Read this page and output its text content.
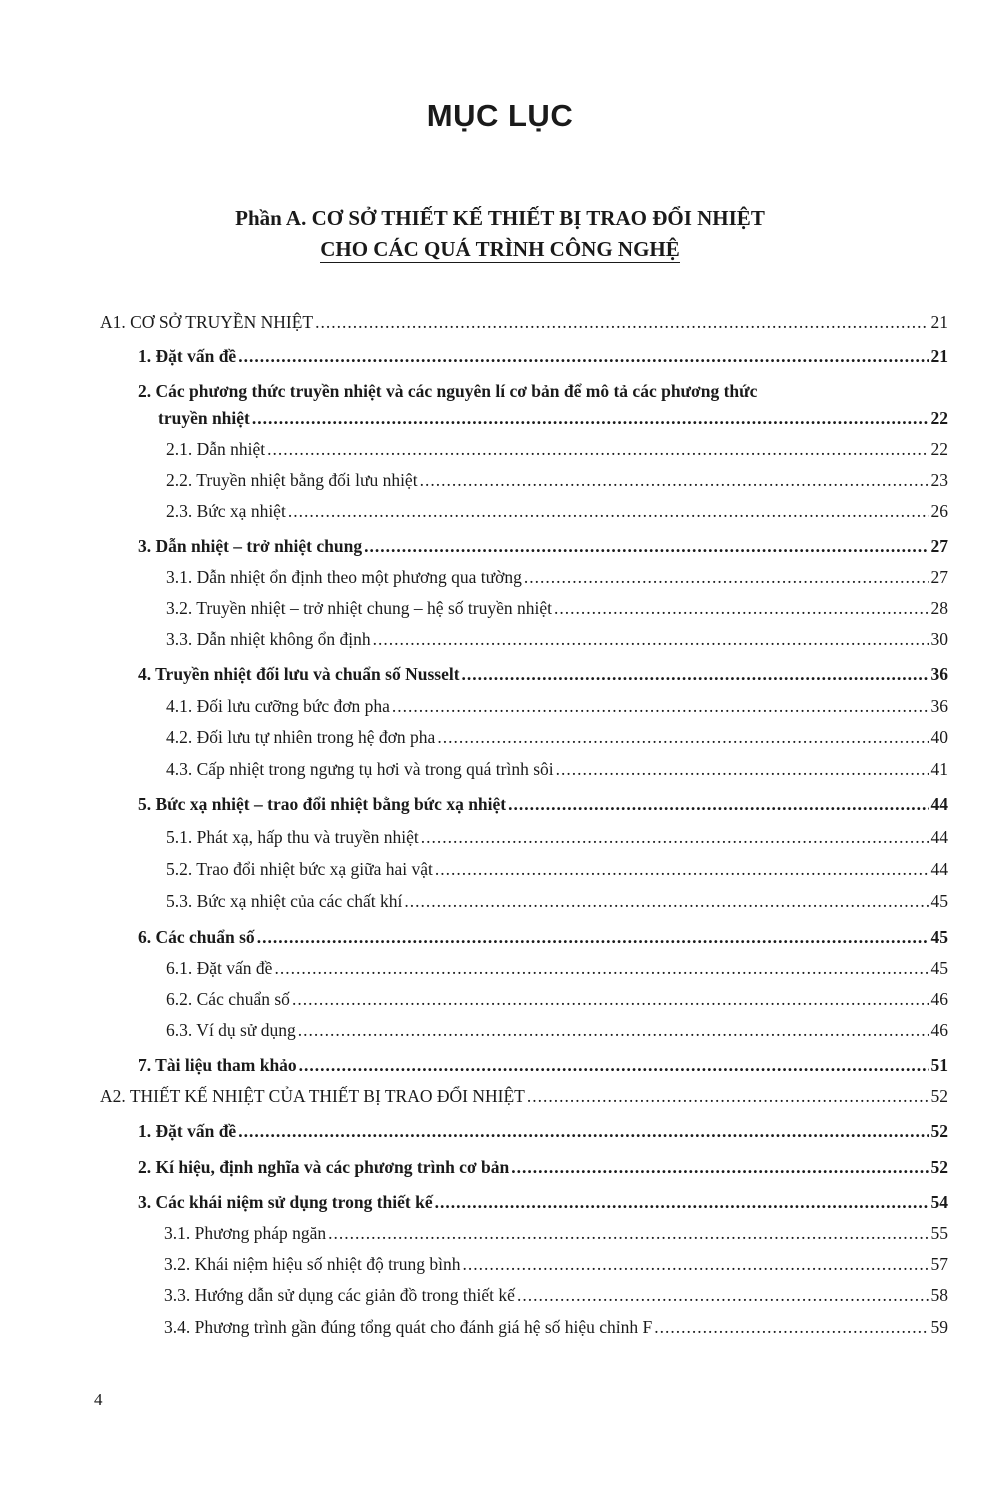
MỤC LỤC
Phần A. CƠ SỞ THIẾT KẾ THIẾT BỊ TRAO ĐỔI NHIỆT
CHO CÁC QUÁ TRÌNH CÔNG NGHỆ
A1. CƠ SỞ TRUYỀN NHIỆT .....	21
1. Đặt vấn đề .....	21
2. Các phương thức truyền nhiệt và các nguyên lí cơ bản để mô tả các phương thức
truyền nhiệt .....	22
2.1. Dẫn nhiệt .....	22
2.2. Truyền nhiệt bằng đối lưu nhiệt .....	23
2.3. Bức xạ nhiệt .....	26
3. Dẫn nhiệt – trở nhiệt chung .....	27
3.1. Dẫn nhiệt ổn định theo một phương qua tường .....	27
3.2. Truyền nhiệt – trở nhiệt chung – hệ số truyền nhiệt .....	28
3.3. Dẫn nhiệt không ổn định .....	30
4. Truyền nhiệt đối lưu và chuẩn số Nusselt .....	36
4.1. Đối lưu cưỡng bức đơn pha .....	36
4.2. Đối lưu tự nhiên trong hệ đơn pha .....	40
4.3. Cấp nhiệt trong ngưng tụ hơi và trong quá trình sôi .....	41
5. Bức xạ nhiệt – trao đổi nhiệt bằng bức xạ nhiệt .....	44
5.1. Phát xạ, hấp thu và truyền nhiệt .....	44
5.2. Trao đổi nhiệt bức xạ giữa hai vật .....	44
5.3. Bức xạ nhiệt của các chất khí .....	45
6. Các chuẩn số .....	45
6.1. Đặt vấn đề .....	45
6.2. Các chuẩn số .....	46
6.3. Ví dụ sử dụng .....	46
7. Tài liệu tham khảo .....	51
A2. THIẾT KẾ NHIỆT CỦA THIẾT BỊ TRAO ĐỔI NHIỆT .....	52
1. Đặt vấn đề .....	52
2. Kí hiệu, định nghĩa và các phương trình cơ bản .....	52
3. Các khái niệm sử dụng trong thiết kế .....	54
3.1. Phương pháp ngăn .....	55
3.2. Khái niệm hiệu số nhiệt độ trung bình .....	57
3.3. Hướng dẫn sử dụng các giản đồ trong thiết kế .....	58
3.4. Phương trình gần đúng tổng quát cho đánh giá hệ số hiệu chỉnh F .....	59
4
